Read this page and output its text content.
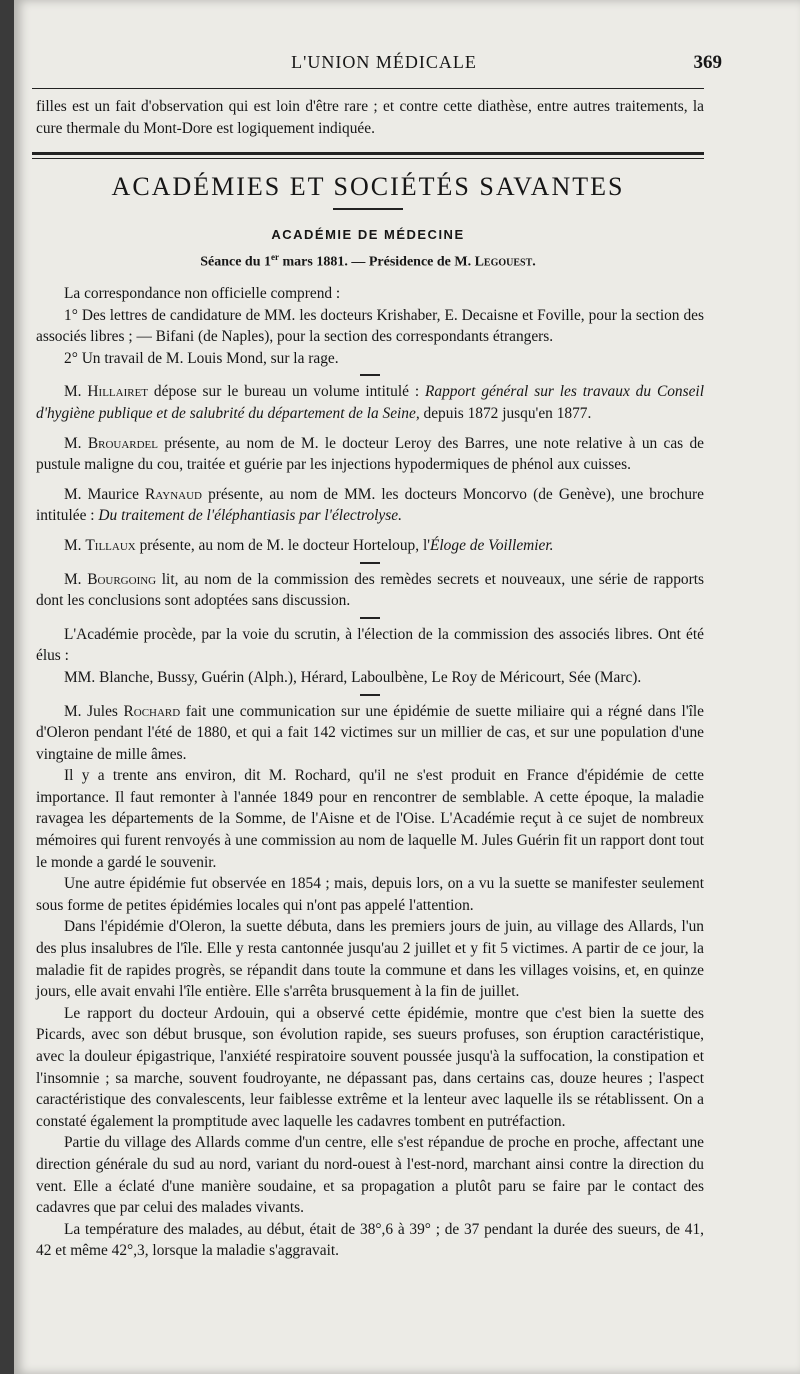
L'UNION MÉDICALE	369

filles est un fait d'observation qui est loin d'être rare ; et contre cette diathèse, entre autres traitements, la cure thermale du Mont-Dore est logiquement indiquée.

ACADÉMIES ET SOCIÉTÉS SAVANTES
ACADÉMIE DE MÉDECINE
Séance du 1er mars 1881. — Présidence de M. Legouest.

La correspondance non officielle comprend :

1° Des lettres de candidature de MM. les docteurs Krishaber, E. Decaisne et Foville, pour la section des associés libres ; — Bifani (de Naples), pour la section des correspondants étrangers.

2° Un travail de M. Louis Mond, sur la rage.

M. Hillairet dépose sur le bureau un volume intitulé : Rapport général sur les travaux du Conseil d'hygiène publique et de salubrité du département de la Seine, depuis 1872 jusqu'en 1877.

M. Brouardel présente, au nom de M. le docteur Leroy des Barres, une note relative à un cas de pustule maligne du cou, traitée et guérie par les injections hypodermiques de phénol aux cuisses.

M. Maurice Raynaud présente, au nom de MM. les docteurs Moncorvo (de Genève), une brochure intitulée : Du traitement de l'éléphantiasis par l'électrolyse.

M. Tillaux présente, au nom de M. le docteur Horteloup, l'Éloge de Voillemier.

M. Bourgoing lit, au nom de la commission des remèdes secrets et nouveaux, une série de rapports dont les conclusions sont adoptées sans discussion.

L'Académie procède, par la voie du scrutin, à l'élection de la commission des associés libres. Ont été élus :

MM. Blanche, Bussy, Guérin (Alph.), Hérard, Laboulbène, Le Roy de Méricourt, Sée (Marc).

M. Jules Rochard fait une communication sur une épidémie de suette miliaire qui a régné dans l'île d'Oleron pendant l'été de 1880, et qui a fait 142 victimes sur un millier de cas, et sur une population d'une vingtaine de mille âmes.

Il y a trente ans environ, dit M. Rochard, qu'il ne s'est produit en France d'épidémie de cette importance. Il faut remonter à l'année 1849 pour en rencontrer de semblable. A cette époque, la maladie ravagea les départements de la Somme, de l'Aisne et de l'Oise. L'Académie reçut à ce sujet de nombreux mémoires qui furent renvoyés à une commission au nom de laquelle M. Jules Guérin fit un rapport dont tout le monde a gardé le souvenir.

Une autre épidémie fut observée en 1854 ; mais, depuis lors, on a vu la suette se manifester seulement sous forme de petites épidémies locales qui n'ont pas appelé l'attention.

Dans l'épidémie d'Oleron, la suette débuta, dans les premiers jours de juin, au village des Allards, l'un des plus insalubres de l'île. Elle y resta cantonnée jusqu'au 2 juillet et y fit 5 victimes. A partir de ce jour, la maladie fit de rapides progrès, se répandit dans toute la commune et dans les villages voisins, et, en quinze jours, elle avait envahi l'île entière. Elle s'arrêta brusquement à la fin de juillet.

Le rapport du docteur Ardouin, qui a observé cette épidémie, montre que c'est bien la suette des Picards, avec son début brusque, son évolution rapide, ses sueurs profuses, son éruption caractéristique, avec la douleur épigastrique, l'anxiété respiratoire souvent poussée jusqu'à la suffocation, la constipation et l'insomnie ; sa marche, souvent foudroyante, ne dépassant pas, dans certains cas, douze heures ; l'aspect caractéristique des convalescents, leur faiblesse extrême et la lenteur avec laquelle ils se rétablissent. On a constaté également la promptitude avec laquelle les cadavres tombent en putréfaction.

Partie du village des Allards comme d'un centre, elle s'est répandue de proche en proche, affectant une direction générale du sud au nord, variant du nord-ouest à l'est-nord, marchant ainsi contre la direction du vent. Elle a éclaté d'une manière soudaine, et sa propagation a plutôt paru se faire par le contact des cadavres que par celui des malades vivants.

La température des malades, au début, était de 38°,6 à 39° ; de 37 pendant la durée des sueurs, de 41, 42 et même 42°,3, lorsque la maladie s'aggravait.
